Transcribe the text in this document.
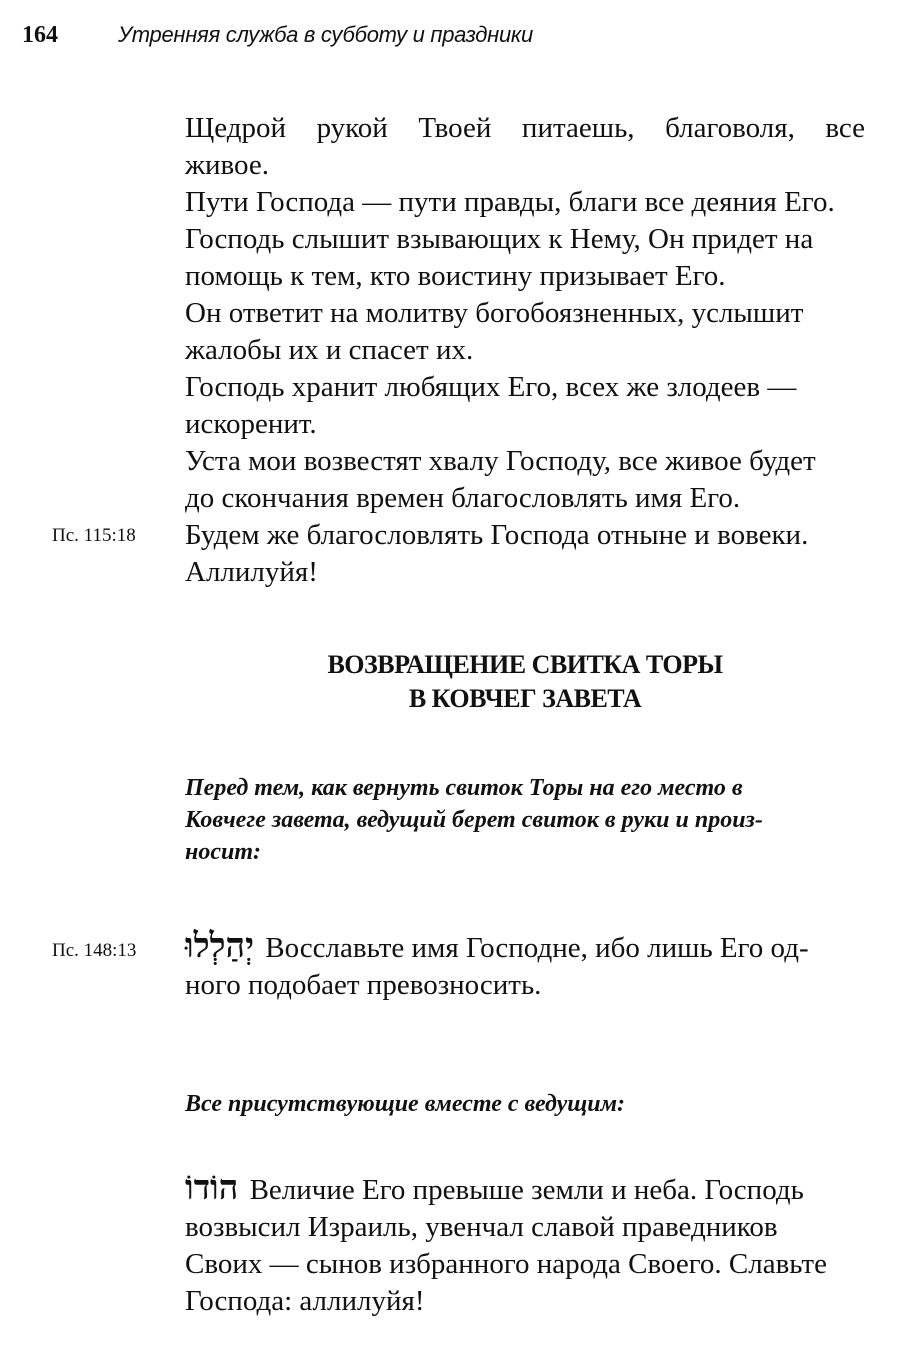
164	Утренняя служба в субботу и праздники
Щедрой рукой Твоей питаешь, благоволя, все
живое.
Пути Господа — пути правды, благи все деяния Его.
Господь слышит взывающих к Нему, Он придет на
помощь к тем, кто воистину призывает Его.
Он ответит на молитву богобоязненных, услышит
жалобы их и спасет их.
Господь хранит любящих Его, всех же злодеев —
искоренит.
Уста мои возвестят хвалу Господу, все живое будет
до скончания времен благословлять имя Его.
Будем же благословлять Господа отныне и вовеки.
Аллилуйя!
Пс. 115:18
ВОЗВРАЩЕНИЕ СВИТКА ТОРЫ
В КОВЧЕГ ЗАВЕТА
Перед тем, как вернуть свиток Торы на его место в
Ковчеге завета, ведущий берет свиток в руки и произ-
носит:
Пс. 148:13 יְהַלְלוּ Восславьте имя Господне, ибо лишь Его од-
ного подобает превозносить.
Все присутствующие вместе с ведущим:
הוֹדוֹ Величие Его превыше земли и неба. Господь
возвысил Израиль, увенчал славой праведников
Своих — сынов избранного народа Своего. Славьте
Господа: аллилуйя!
